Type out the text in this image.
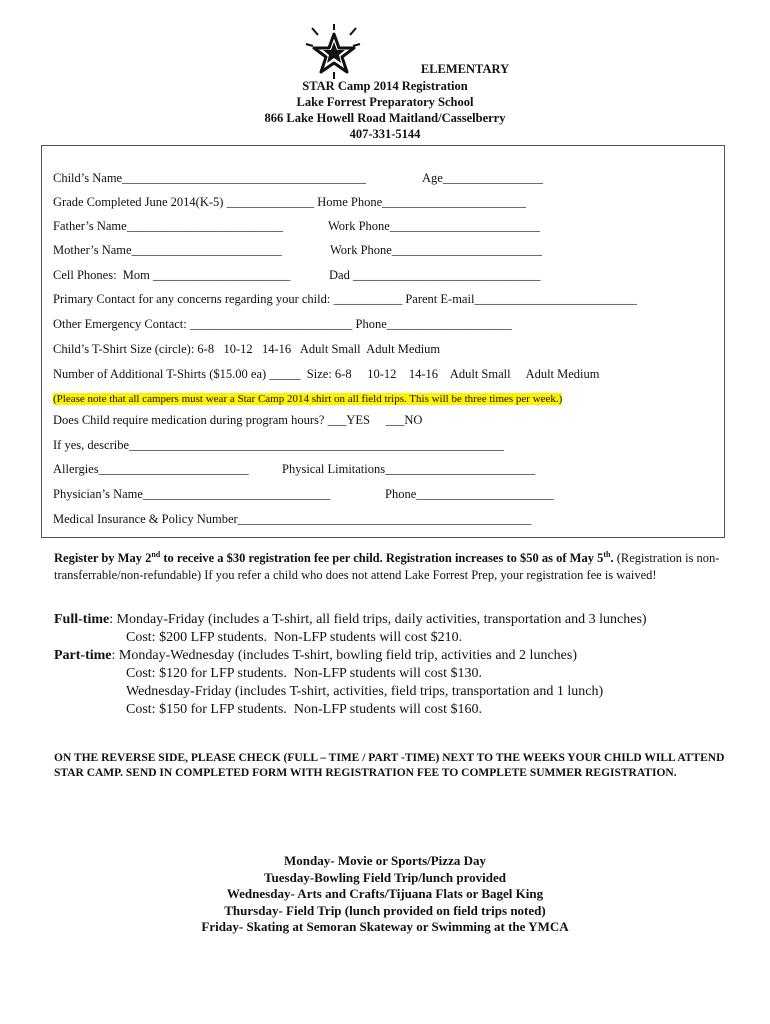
ELEMENTARY
STAR Camp 2014 Registration
Lake Forrest Preparatory School
866 Lake Howell Road Maitland/Casselberry
407-331-5144
Child’s Name_______________________________________	Age________________
Grade Completed June 2014(K-5) ______________ Home Phone_______________________
Father’s Name_________________________	Work Phone________________________
Mother’s Name________________________	Work Phone________________________
Cell Phones:  Mom ______________________	Dad ______________________________
Primary Contact for any concerns regarding your child: ___________ Parent E-mail__________________________
Other Emergency Contact: __________________________ Phone____________________
Child’s T-Shirt Size (circle): 6-8   10-12   14-16   Adult Small  Adult Medium
Number of Additional T-Shirts ($15.00 ea) _____  Size: 6-8     10-12    14-16    Adult Small     Adult Medium
(Please note that all campers must wear a Star Camp 2014 shirt on all field trips. This will be three times per week.)
Does Child require medication during program hours? ___YES     ___NO
If yes, describe____________________________________________________________
Allergies________________________	Physical Limitations________________________
Physician’s Name______________________________	Phone______________________
Medical Insurance & Policy Number_______________________________________________
Register by May 2nd to receive a $30 registration fee per child. Registration increases to $50 as of May 5th. (Registration is non-transferrable/non-refundable) If you refer a child who does not attend Lake Forrest Prep, your registration fee is waived!
Full-time: Monday-Friday (includes a T-shirt, all field trips, daily activities, transportation and 3 lunches)
Cost: $200 LFP students.  Non-LFP students will cost $210.
Part-time: Monday-Wednesday (includes T-shirt, bowling field trip, activities and 2 lunches)
Cost: $120 for LFP students.  Non-LFP students will cost $130.
Wednesday-Friday (includes T-shirt, activities, field trips, transportation and 1 lunch)
Cost: $150 for LFP students.  Non-LFP students will cost $160.
ON THE REVERSE SIDE, PLEASE CHECK (FULL – TIME / PART -TIME) NEXT TO THE WEEKS YOUR CHILD WILL ATTEND STAR CAMP. SEND IN COMPLETED FORM WITH REGISTRATION FEE TO COMPLETE SUMMER REGISTRATION.
Monday- Movie or Sports/Pizza Day
Tuesday-Bowling Field Trip/lunch provided
Wednesday- Arts and Crafts/Tijuana Flats or Bagel King
Thursday- Field Trip (lunch provided on field trips noted)
Friday- Skating at Semoran Skateway or Swimming at the YMCA
